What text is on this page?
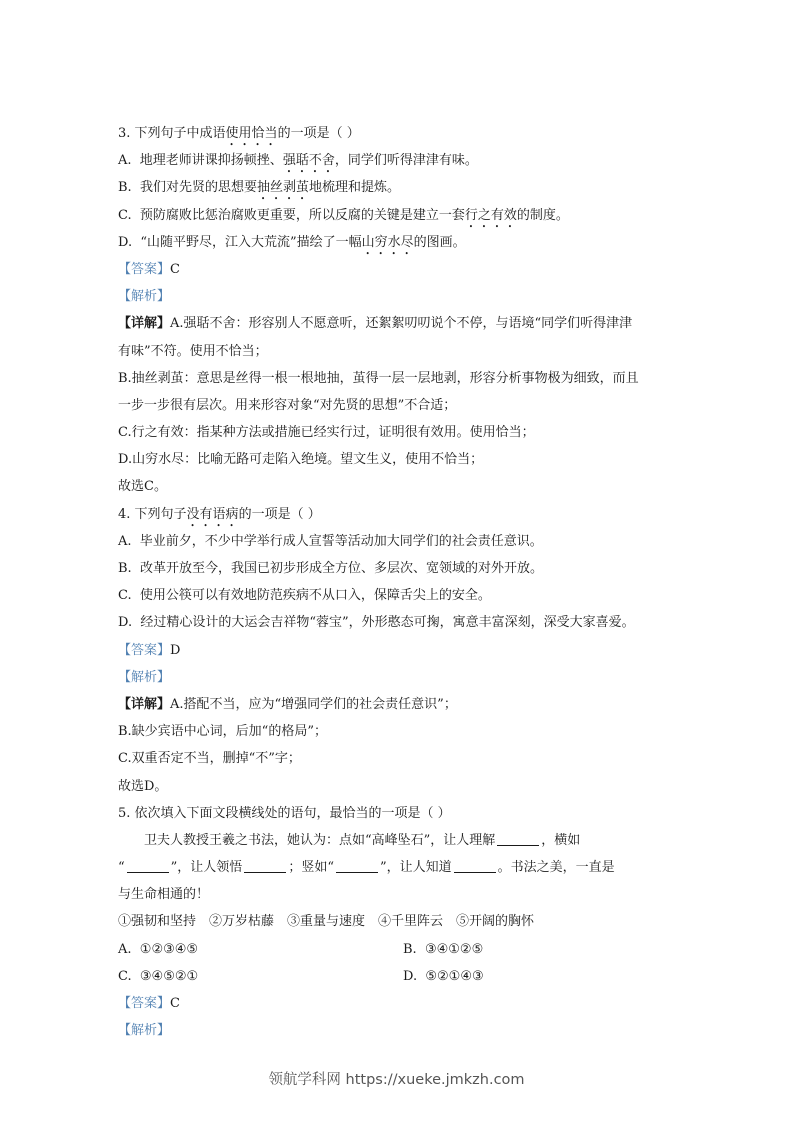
3. 下列句子中成语使用恰当的一项是（ ）
A. 地理老师讲课抑扬顿挫、强聒不舍，同学们听得津津有味。
B. 我们对先贤的思想要抽丝剥茧地梳理和提炼。
C. 预防腐败比惩治腐败更重要，所以反腐的关键是建立一套行之有效的制度。
D. “山随平野尽，江入大荒流”描绘了一幅山穷水尽的图画。
【答案】C
【解析】
【详解】A.强聒不舍：形容别人不愿意听，还絮絮叨叨说个不停，与语境“同学们听得津津
有味”不符。使用不恰当；
B.抽丝剥茧：意思是丝得一根一根地抽，茧得一层一层地剥，形容分析事物极为细致，而且
一步一步很有层次。用来形容对象“对先贤的思想”不合适；
C.行之有效：指某种方法或措施已经实行过，证明很有效用。使用恰当；
D.山穷水尽：比喻无路可走陷入绝境。望文生义，使用不恰当；
故选C。
4. 下列句子没有语病的一项是（ ）
A. 毕业前夕，不少中学举行成人宣誓等活动加大同学们的社会责任意识。
B. 改革开放至今，我国已初步形成全方位、多层次、宽领域的对外开放。
C. 使用公筷可以有效地防范疾病不从口入，保障舌尖上的安全。
D. 经过精心设计的大运会吉祥物“蓉宝”，外形憨态可掬，寓意丰富深刻，深受大家喜爱。
【答案】D
【解析】
【详解】A.搭配不当，应为“增强同学们的社会责任意识”；
B.缺少宾语中心词，后加“的格局”；
C.双重否定不当，删掉“不”字；
故选D。
5. 依次填入下面文段横线处的语句，最恰当的一项是（ ）
卫夫人教授王羲之书法，她认为：点如“高峰坠石”，让人理解	，横如
“	”，让人领悟	；竖如“	”，让人知道	。书法之美，一直是
与生命相通的！
①强韧和坚持　②万岁枯藤　③重量与速度　④千里阵云　⑤开阔的胸怀
A. ①②③④⑤	B. ③④①②⑤
C. ③④⑤②①	D. ⑤②①④③
【答案】C
【解析】
领航学科网 https://xueke.jmkzh.com
